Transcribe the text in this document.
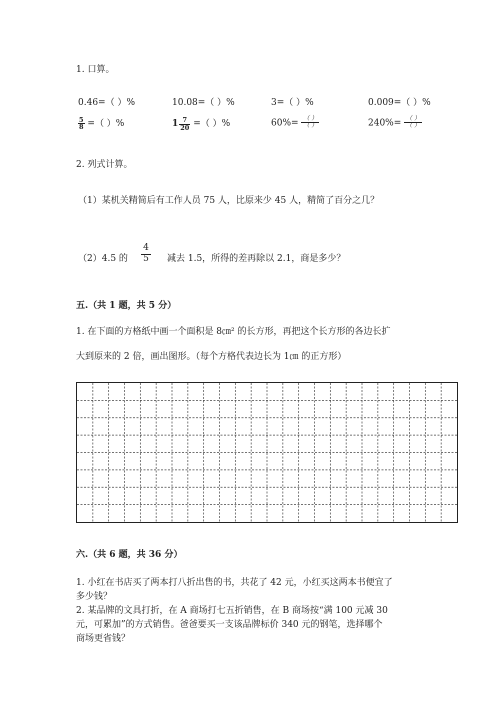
1. 口算。
0.46=（ ）%	10.08=（ ）%	3=（ ）%	0.009=（ ）%
$\frac{5}{8}$ =（ ）%	$1 \frac{7}{20}$ =（ ）%	$60\%= \frac{( )}{( )}$	$240\%= \frac{( )}{( )}$
2. 列式计算。
（1）某机关精简后有工作人员 75 人，比原来少 45 人，精简了百分之几？
（2）4.5 的 $\frac{4}{5}$ 减去 1.5，所得的差再除以 2.1，商是多少？
五.（共 1 题，共 5 分）
1. 在下面的方格纸中画一个面积是 8㎝² 的长方形，再把这个长方形的各边长扩
大到原来的 2 倍，画出图形。（每个方格代表边长为 1㎝ 的正方形）
六.（共 6 题，共 36 分）
1. 小红在书店买了两本打八折出售的书，共花了 42 元，小红买这两本书便宜了
多少钱？
2. 某品牌的文具打折，在 A 商场打七五折销售，在 B 商场按“满 100 元减 30
元，可累加”的方式销售。爸爸要买一支该品牌标价 340 元的钢笔，选择哪个
商场更省钱？
